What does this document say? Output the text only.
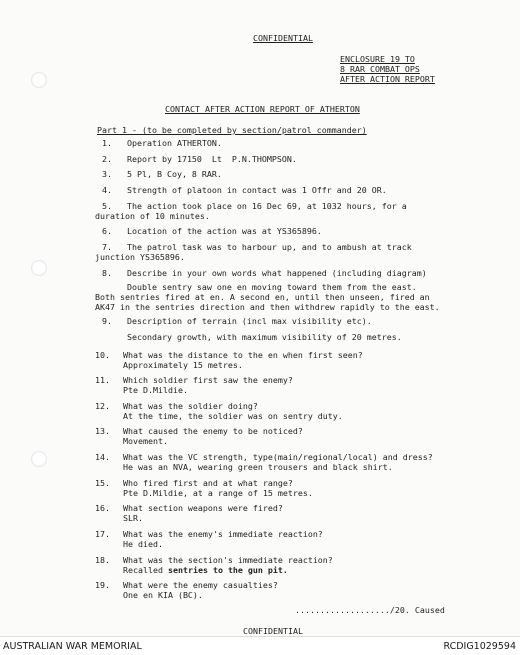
CONFIDENTIAL
ENCLOSURE 19 TO
8 RAR COMBAT OPS
AFTER ACTION REPORT
CONTACT AFTER ACTION REPORT OF ATHERTON
Part 1 - (to be completed by section/patrol commander)
1. Operation ATHERTON.
2. Report by 17150  Lt  P.N.THOMPSON.
3. 5 Pl, B Coy, 8 RAR.
4. Strength of platoon in contact was 1 Offr and 20 OR.
5. The action took place on 16 Dec 69, at 1032 hours, for a
duration of 10 minutes.
6. Location of the action was at YS365896.
7. The patrol task was to harbour up, and to ambush at track
junction YS365896.
8. Describe in your own words what happened (including diagram)
Double sentry saw one en moving toward them from the east.
Both sentries fired at en. A second en, until then unseen, fired an
AK47 in the sentries direction and then withdrew rapidly to the east.
9. Description of terrain (incl max visibility etc).
Secondary growth, with maximum visibility of 20 metres.
10. What was the distance to the en when first seen?
Approximately 15 metres.
11. Which soldier first saw the enemy?
Pte D.Mildie.
12. What was the soldier doing?
At the time, the soldier was on sentry duty.
13. What caused the enemy to be noticed?
Movement.
14. What was the VC strength, type(main/regional/local) and dress?
He was an NVA, wearing green trousers and black shirt.
15. Who fired first and at what range?
Pte D.Mildie, at a range of 15 metres.
16. What section weapons were fired?
SLR.
17. What was the enemy's immediate reaction?
He died.
18. What was the section's immediate reaction?
Recalled sentries to the gun pit.
19. What were the enemy casualties?
One en KIA (BC).
.................../20. Caused
CONFIDENTIAL
AUSTRALIAN WAR MEMORIAL	RCDIG1029594
